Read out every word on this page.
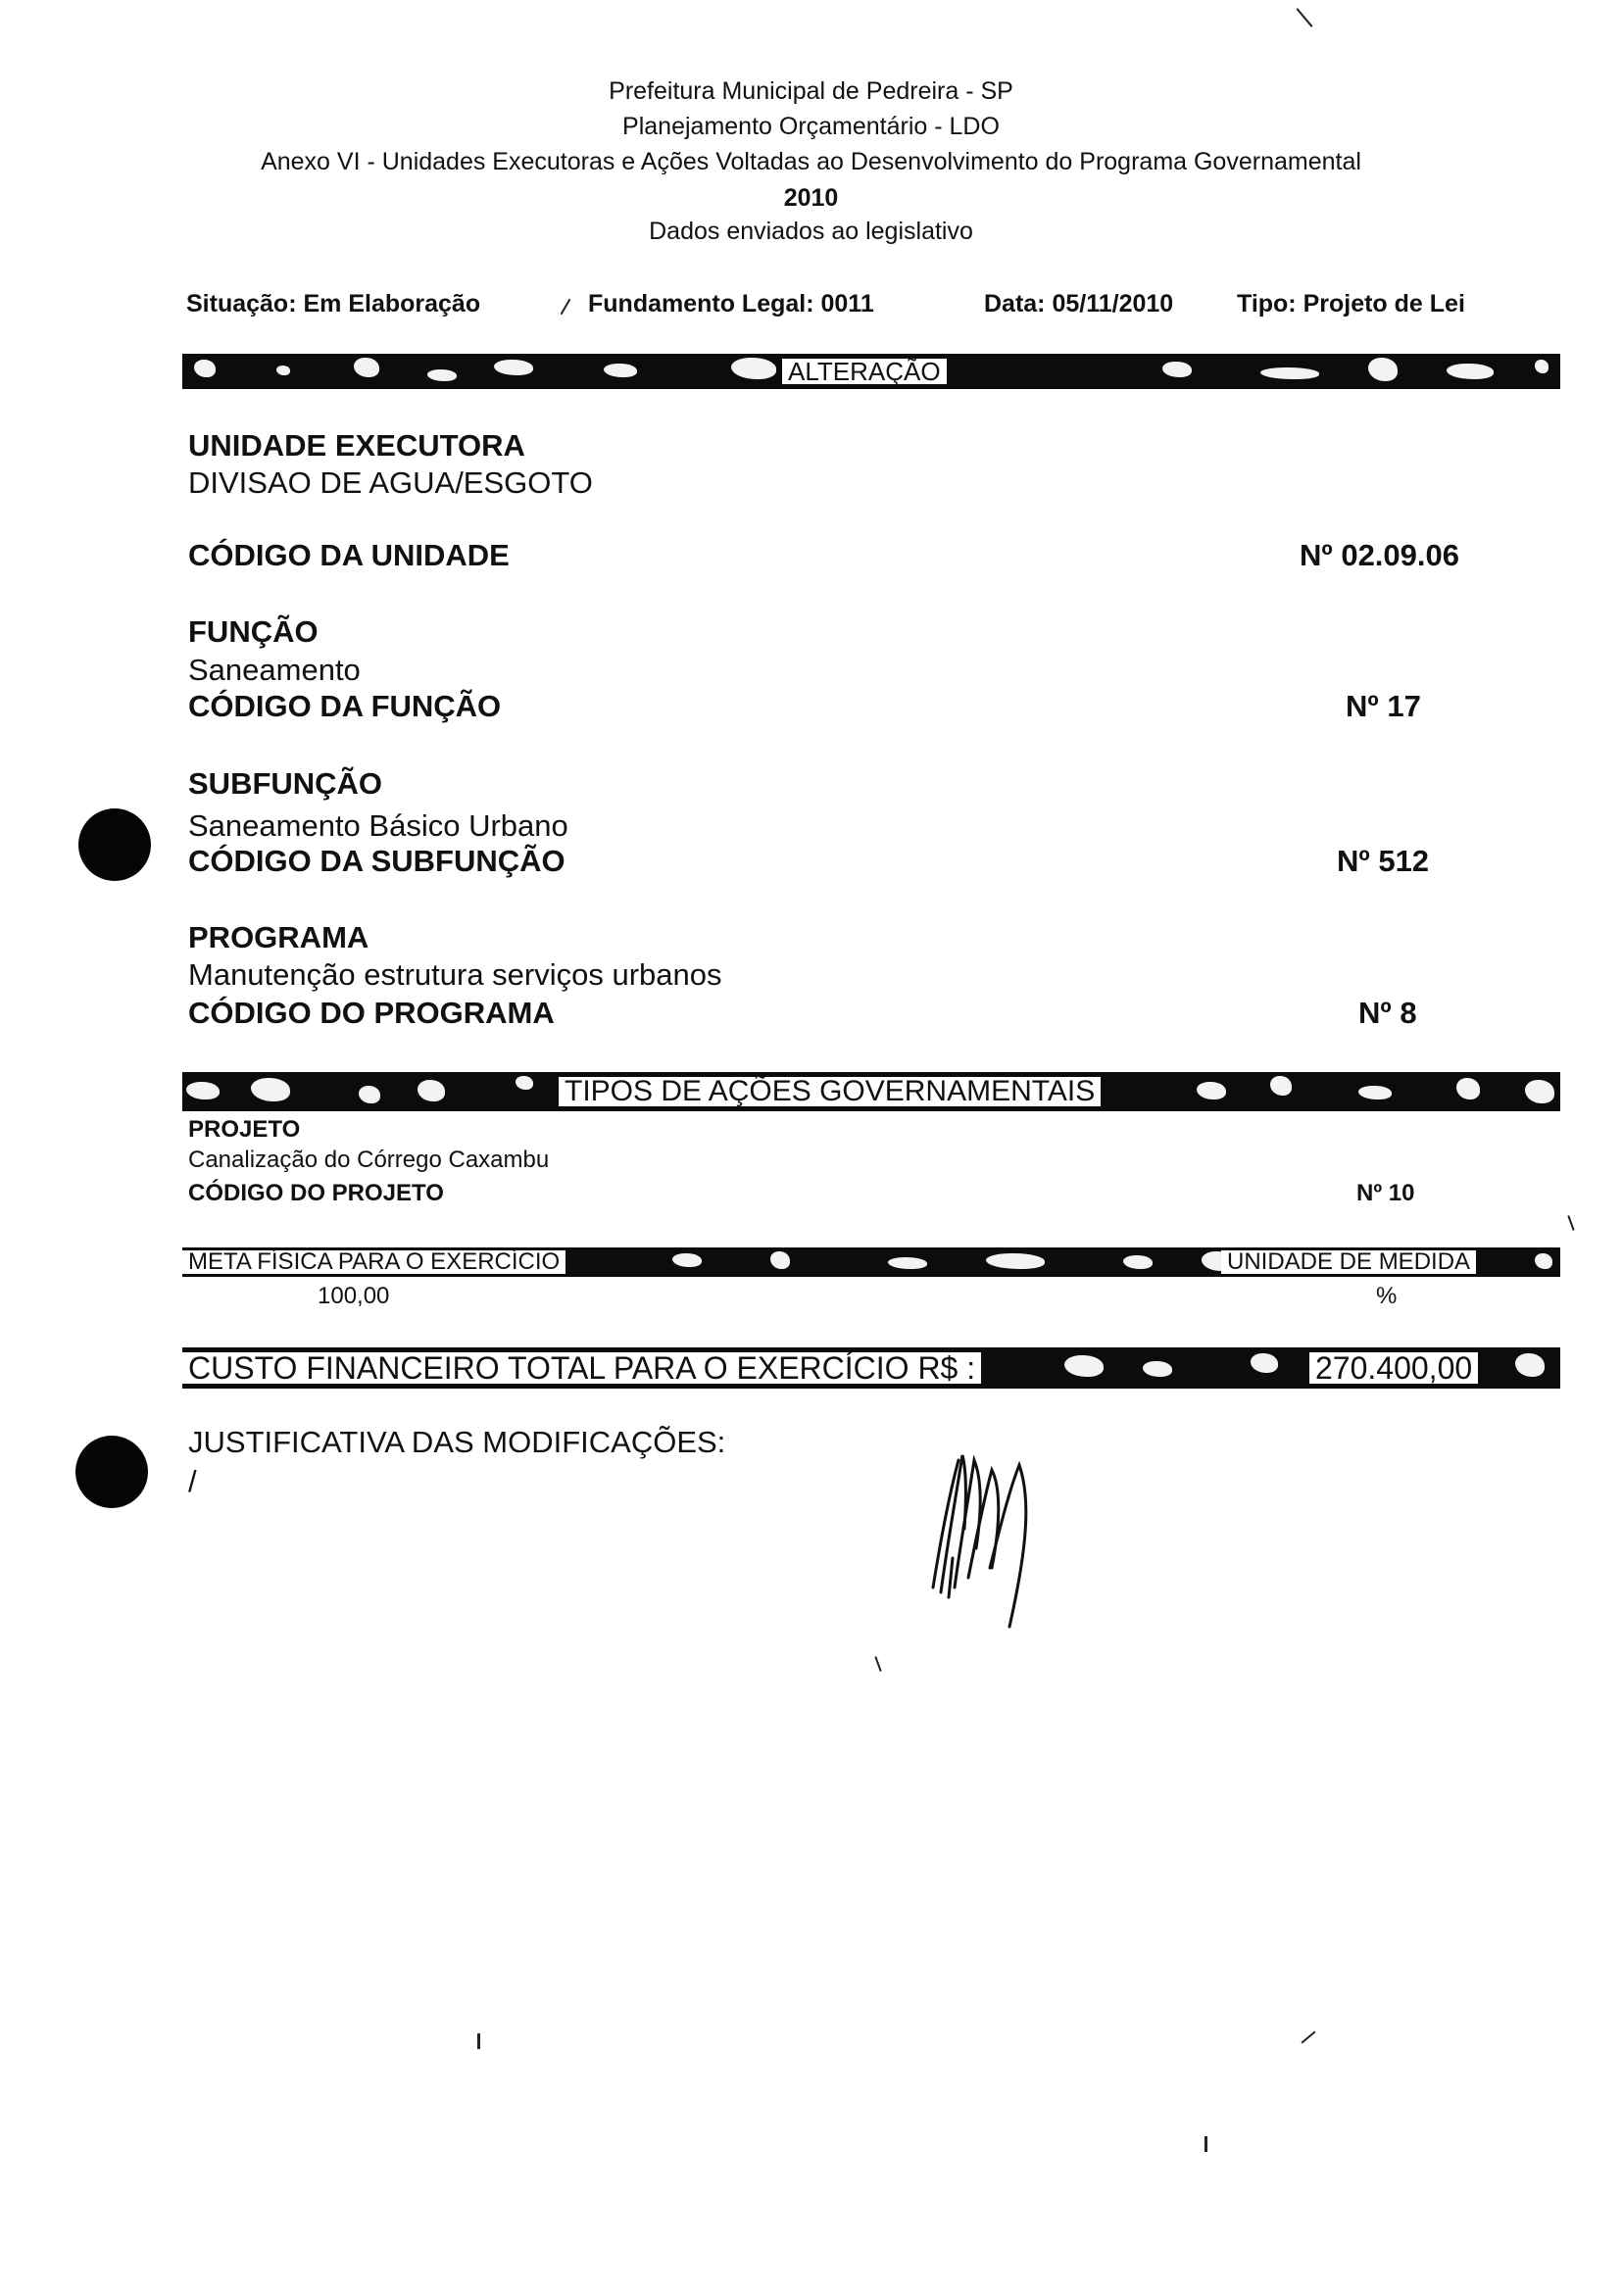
Prefeitura Municipal de Pedreira - SP
Planejamento Orçamentário - LDO
Anexo VI - Unidades Executoras e Ações Voltadas ao Desenvolvimento do Programa Governamental
2010
Dados enviados ao legislativo
Situação: Em Elaboração	Fundamento Legal: 0011	Data: 05/11/2010	Tipo: Projeto de Lei
ALTERAÇÃO
UNIDADE EXECUTORA
DIVISAO DE AGUA/ESGOTO
CÓDIGO DA UNIDADE	Nº 02.09.06
FUNÇÃO
Saneamento
CÓDIGO DA FUNÇÃO	Nº 17
SUBFUNÇÃO
Saneamento Básico Urbano
CÓDIGO DA SUBFUNÇÃO	Nº 512
PROGRAMA
Manutenção estrutura serviços urbanos
CÓDIGO DO PROGRAMA	Nº 8
TIPOS DE AÇÕES GOVERNAMENTAIS
PROJETO
Canalização do Córrego Caxambu
CÓDIGO DO PROJETO	Nº 10
META FÍSICA PARA O EXERCÍCIO	UNIDADE DE MEDIDA
100,00	%
CUSTO FINANCEIRO TOTAL PARA O EXERCÍCIO R$ :	270.400,00
JUSTIFICATIVA DAS MODIFICAÇÕES:
/
